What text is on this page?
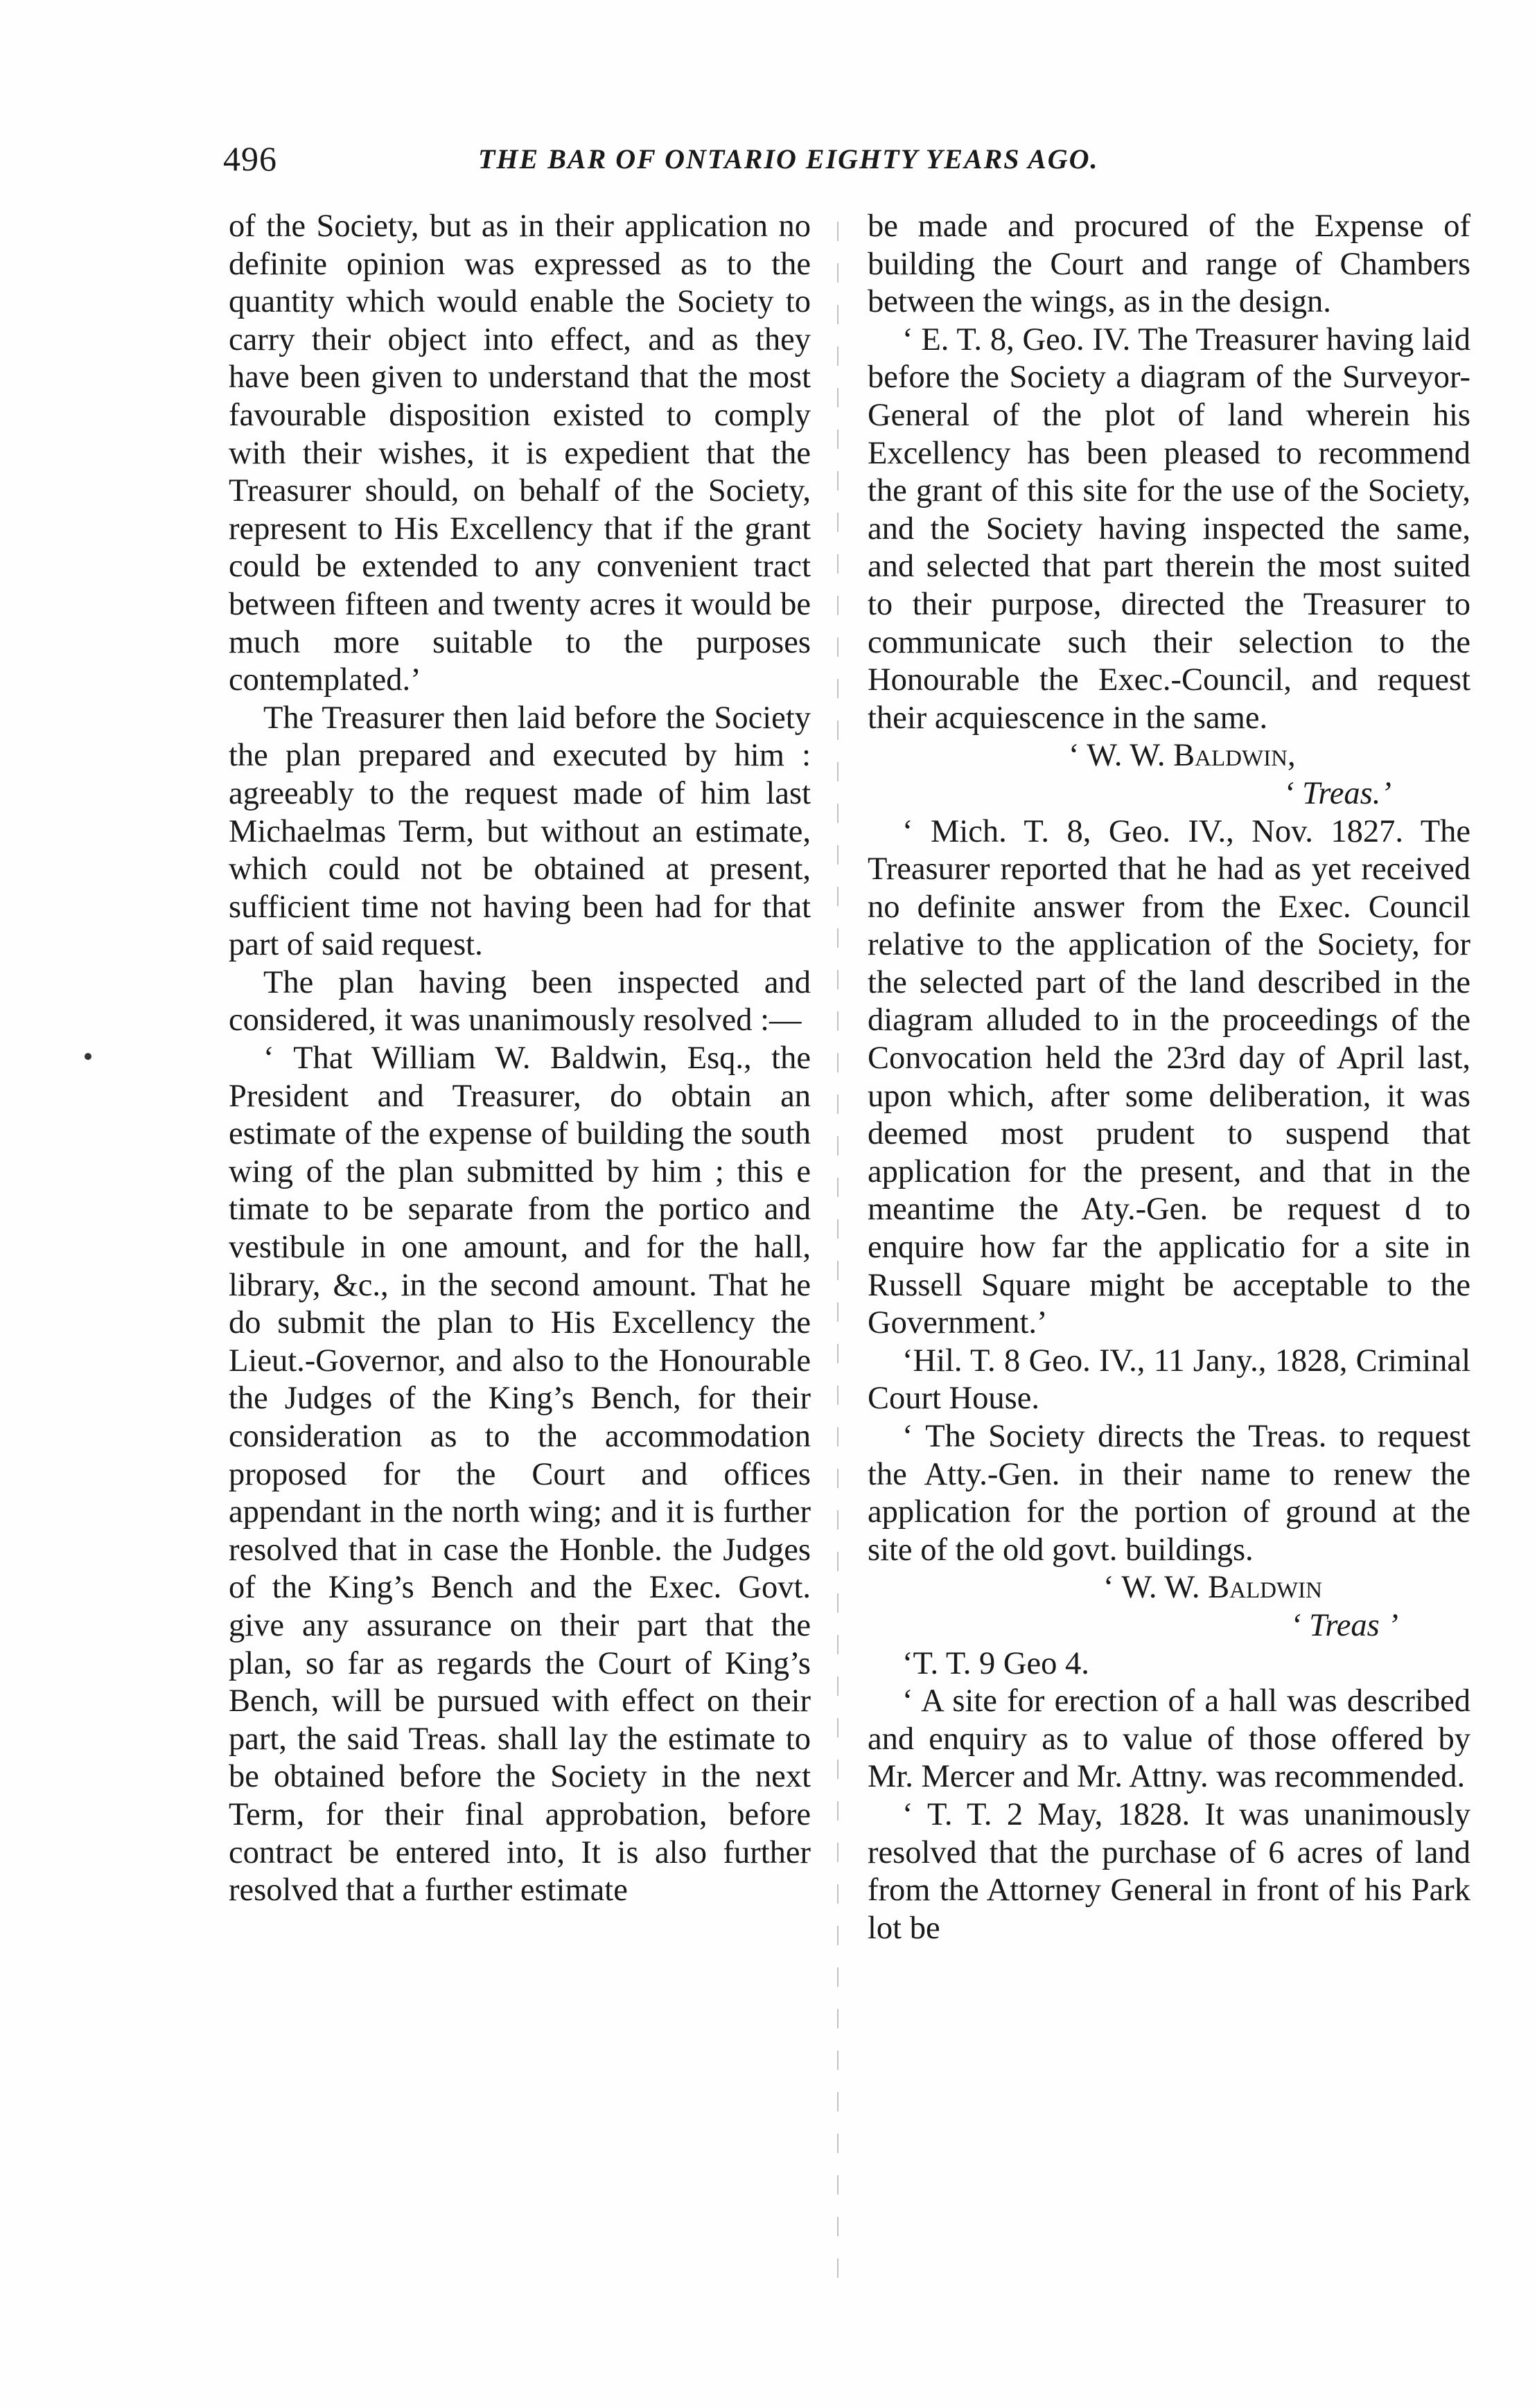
496	THE BAR OF ONTARIO EIGHTY YEARS AGO.

of the Society, but as in their application no definite opinion was expressed as to the quantity which would enable the Society to carry their object into effect, and as they have been given to understand that the most favourable disposition existed to comply with their wishes, it is expedient that the Treasurer should, on behalf of the Society, represent to His Excellency that if the grant could be extended to any convenient tract between fifteen and twenty acres it would be much more suitable to the purposes contemplated.’

The Treasurer then laid before the Society the plan prepared and executed by him : agreeably to the request made of him last Michaelmas Term, but without an estimate, which could not be obtained at present, sufficient time not having been had for that part of said request.

The plan having been inspected and considered, it was unanimously resolved :—

‘ That William W. Baldwin, Esq., the President and Treasurer, do obtain an estimate of the expense of building the south wing of the plan submitted by him ; this e timate to be separate from the portico and vestibule in one amount, and for the hall, library, &c., in the second amount. That he do submit the plan to His Excellency the Lieut.-Governor, and also to the Honourable the Judges of the King’s Bench, for their consideration as to the accommodation proposed for the Court and offices appendant in the north wing; and it is further resolved that in case the Honble. the Judges of the King’s Bench and the Exec. Govt. give any assurance on their part that the plan, so far as regards the Court of King’s Bench, will be pursued with effect on their part, the said Treas. shall lay the estimate to be obtained before the Society in the next Term, for their final approbation, before contract be entered into, It is also further resolved that a further estimate

be made and procured of the Expense of building the Court and range of Chambers between the wings, as in the design.

‘ E. T. 8, Geo. IV. The Treasurer having laid before the Society a diagram of the Surveyor-General of the plot of land wherein his Excellency has been pleased to recommend the grant of this site for the use of the Society, and the Society having inspected the same, and selected that part therein the most suited to their purpose, directed the Treasurer to communicate such their selection to the Honourable the Exec.-Council, and request their acquiescence in the same.

‘ W. W. Baldwin,

‘ Treas.’

‘ Mich. T. 8, Geo. IV., Nov. 1827. The Treasurer reported that he had as yet received no definite answer from the Exec. Council relative to the application of the Society, for the selected part of the land described in the diagram alluded to in the proceedings of the Convocation held the 23rd day of April last, upon which, after some deliberation, it was deemed most prudent to suspend that application for the present, and that in the meantime the Aty.-Gen. be request d to enquire how far the applicatio for a site in Russell Square might be acceptable to the Government.’

‘Hil. T. 8 Geo. IV., 11 Jany., 1828, Criminal Court House.

‘ The Society directs the Treas. to request the Atty.-Gen. in their name to renew the application for the portion of ground at the site of the old govt. buildings.

‘ W. W. Baldwin

‘ Treas ’

‘T. T. 9 Geo 4.

‘ A site for erection of a hall was described and enquiry as to value of those offered by Mr. Mercer and Mr. Attny. was recommended.

‘ T. T. 2 May, 1828. It was unanimously resolved that the purchase of 6 acres of land from the Attorney General in front of his Park lot be
